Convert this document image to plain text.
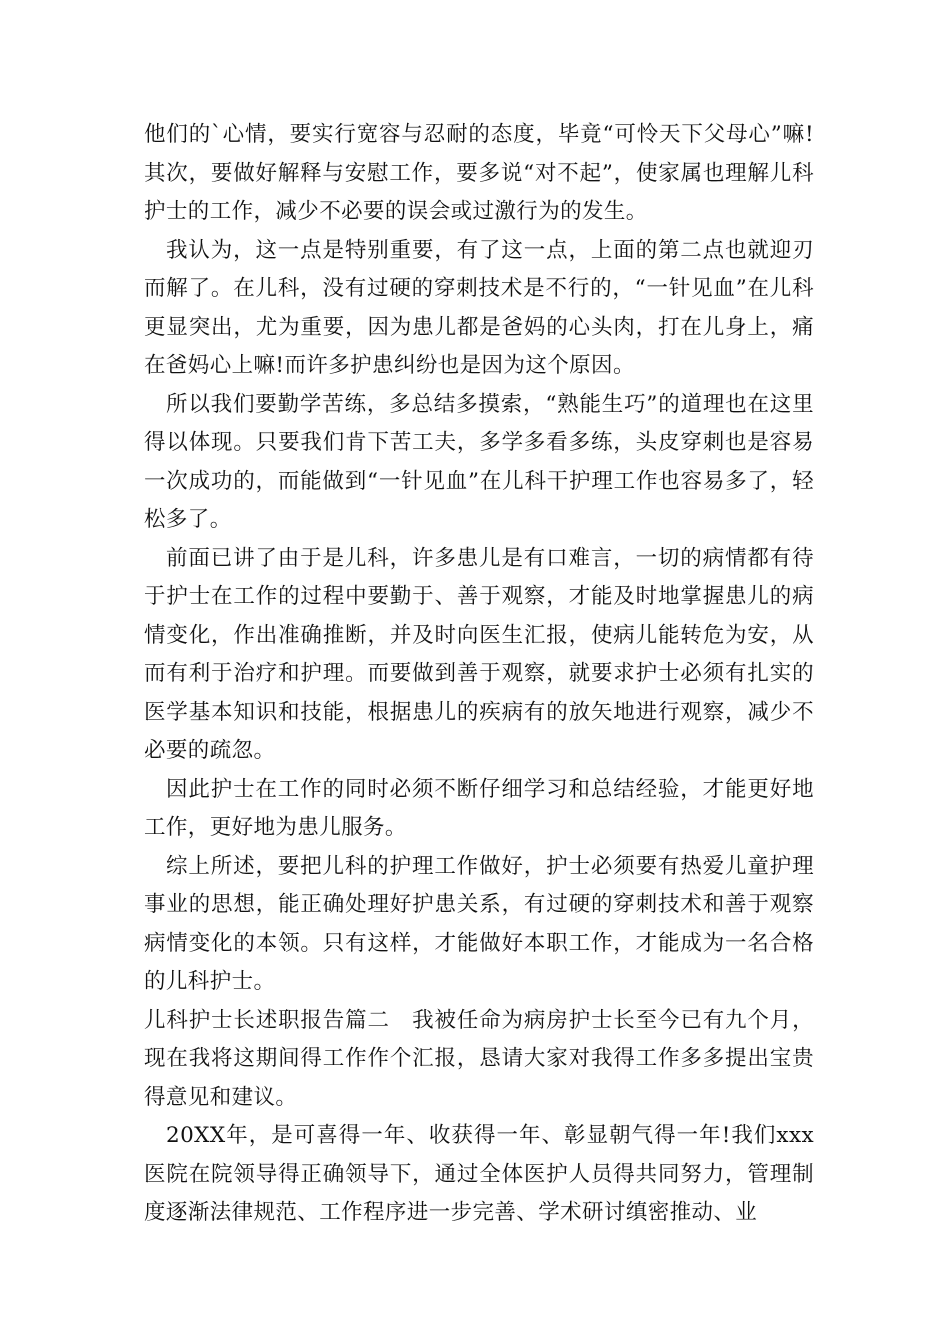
他们的`心情，要实行宽容与忍耐的态度，毕竟“可怜天下父母心”嘛!其次，要做好解释与安慰工作，要多说“对不起”，使家属也理解儿科护士的工作，减少不必要的误会或过激行为的发生。

我认为，这一点是特别重要，有了这一点，上面的第二点也就迎刃而解了。在儿科，没有过硬的穿刺技术是不行的，“一针见血”在儿科更显突出，尤为重要，因为患儿都是爸妈的心头肉，打在儿身上，痛在爸妈心上嘛!而许多护患纠纷也是因为这个原因。

所以我们要勤学苦练，多总结多摸索，“熟能生巧”的道理也在这里得以体现。只要我们肯下苦工夫，多学多看多练，头皮穿刺也是容易一次成功的，而能做到“一针见血”在儿科干护理工作也容易多了，轻松多了。

前面已讲了由于是儿科，许多患儿是有口难言，一切的病情都有待于护士在工作的过程中要勤于、善于观察，才能及时地掌握患儿的病情变化，作出准确推断，并及时向医生汇报，使病儿能转危为安，从而有利于治疗和护理。而要做到善于观察，就要求护士必须有扎实的医学基本知识和技能，根据患儿的疾病有的放矢地进行观察，减少不必要的疏忽。

因此护士在工作的同时必须不断仔细学习和总结经验，才能更好地工作，更好地为患儿服务。

综上所述，要把儿科的护理工作做好，护士必须要有热爱儿童护理事业的思想，能正确处理好护患关系，有过硬的穿刺技术和善于观察病情变化的本领。只有这样，才能做好本职工作，才能成为一名合格的儿科护士。

儿科护士长述职报告篇二　我被任命为病房护士长至今已有九个月，现在我将这期间得工作作个汇报，恳请大家对我得工作多多提出宝贵得意见和建议。

20XX年，是可喜得一年、收获得一年、彰显朝气得一年!我们xxx医院在院领导得正确领导下，通过全体医护人员得共同努力，管理制度逐渐法律规范、工作程序进一步完善、学术研讨缜密推动、业
